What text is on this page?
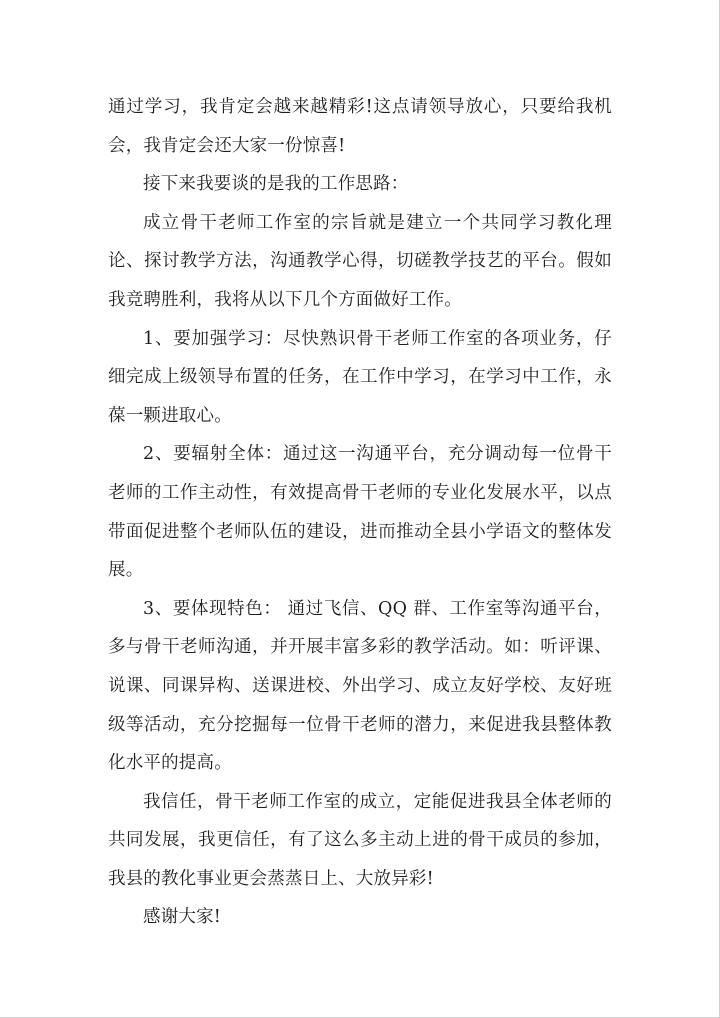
通过学习，我肯定会越来越精彩!这点请领导放心，只要给我机会，我肯定会还大家一份惊喜!

接下来我要谈的是我的工作思路：

成立骨干老师工作室的宗旨就是建立一个共同学习教化理论、探讨教学方法，沟通教学心得，切磋教学技艺的平台。假如我竞聘胜利，我将从以下几个方面做好工作。

1、要加强学习：尽快熟识骨干老师工作室的各项业务，仔细完成上级领导布置的任务，在工作中学习，在学习中工作，永葆一颗进取心。

2、要辐射全体：通过这一沟通平台，充分调动每一位骨干老师的工作主动性，有效提高骨干老师的专业化发展水平，以点带面促进整个老师队伍的建设，进而推动全县小学语文的整体发展。

3、要体现特色： 通过飞信、QQ 群、工作室等沟通平台，多与骨干老师沟通，并开展丰富多彩的教学活动。如：听评课、说课、同课异构、送课进校、外出学习、成立友好学校、友好班级等活动，充分挖掘每一位骨干老师的潜力，来促进我县整体教化水平的提高。

我信任，骨干老师工作室的成立，定能促进我县全体老师的共同发展，我更信任，有了这么多主动上进的骨干成员的参加，我县的教化事业更会蒸蒸日上、大放异彩!

感谢大家!
